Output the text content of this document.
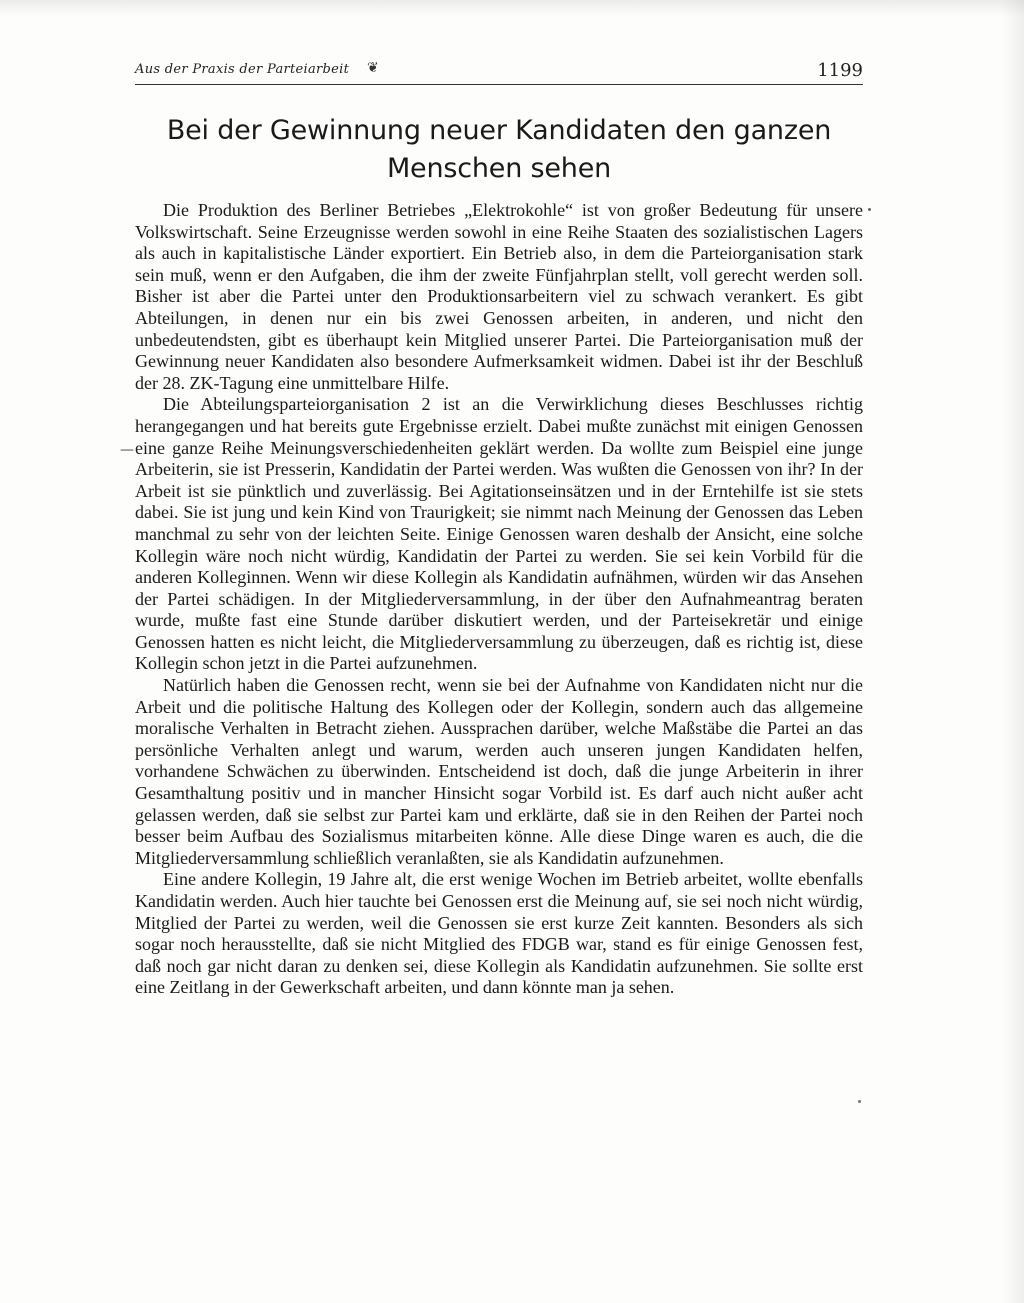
Aus der Praxis der Parteiarbeit ❦	1199
Bei der Gewinnung neuer Kandidaten den ganzen Menschen sehen
—

Die Produktion des Berliner Betriebes „Elektrokohle“ ist von großer Bedeutung für unsere Volkswirtschaft. Seine Erzeugnisse werden sowohl in eine Reihe Staaten des sozialistischen Lagers als auch in kapitalistische Länder exportiert. Ein Betrieb also, in dem die Parteiorganisation stark sein muß, wenn er den Aufgaben, die ihm der zweite Fünfjahrplan stellt, voll gerecht werden soll. Bisher ist aber die Partei unter den Produktionsarbeitern viel zu schwach verankert. Es gibt Abteilungen, in denen nur ein bis zwei Genossen arbeiten, in anderen, und nicht den unbedeutendsten, gibt es überhaupt kein Mitglied unserer Partei. Die Parteiorganisation muß der Gewinnung neuer Kandidaten also besondere Aufmerksamkeit widmen. Dabei ist ihr der Beschluß der 28. ZK-Tagung eine unmittelbare Hilfe.

Die Abteilungsparteiorganisation 2 ist an die Verwirklichung dieses Beschlusses richtig herangegangen und hat bereits gute Ergebnisse erzielt. Dabei mußte zunächst mit einigen Genossen eine ganze Reihe Meinungsverschiedenheiten geklärt werden. Da wollte zum Beispiel eine junge Arbeiterin, sie ist Presserin, Kandidatin der Partei werden. Was wußten die Genossen von ihr? In der Arbeit ist sie pünktlich und zuverlässig. Bei Agitationseinsätzen und in der Erntehilfe ist sie stets dabei. Sie ist jung und kein Kind von Traurigkeit; sie nimmt nach Meinung der Genossen das Leben manchmal zu sehr von der leichten Seite. Einige Genossen waren deshalb der Ansicht, eine solche Kollegin wäre noch nicht würdig, Kandidatin der Partei zu werden. Sie sei kein Vorbild für die anderen Kolleginnen. Wenn wir diese Kollegin als Kandidatin aufnähmen, würden wir das Ansehen der Partei schädigen. In der Mitgliederversammlung, in der über den Aufnahmeantrag beraten wurde, mußte fast eine Stunde darüber diskutiert werden, und der Parteisekretär und einige Genossen hatten es nicht leicht, die Mitgliederversammlung zu überzeugen, daß es richtig ist, diese Kollegin schon jetzt in die Partei aufzunehmen.

Natürlich haben die Genossen recht, wenn sie bei der Aufnahme von Kandidaten nicht nur die Arbeit und die politische Haltung des Kollegen oder der Kollegin, sondern auch das allgemeine moralische Verhalten in Betracht ziehen. Aussprachen darüber, welche Maßstäbe die Partei an das persönliche Verhalten anlegt und warum, werden auch unseren jungen Kandidaten helfen, vorhandene Schwächen zu überwinden. Entscheidend ist doch, daß die junge Arbeiterin in ihrer Gesamthaltung positiv und in mancher Hinsicht sogar Vorbild ist. Es darf auch nicht außer acht gelassen werden, daß sie selbst zur Partei kam und erklärte, daß sie in den Reihen der Partei noch besser beim Aufbau des Sozialismus mitarbeiten könne. Alle diese Dinge waren es auch, die die Mitgliederversammlung schließlich veranlaßten, sie als Kandidatin aufzunehmen.

Eine andere Kollegin, 19 Jahre alt, die erst wenige Wochen im Betrieb arbeitet, wollte ebenfalls Kandidatin werden. Auch hier tauchte bei Genossen erst die Meinung auf, sie sei noch nicht würdig, Mitglied der Partei zu werden, weil die Genossen sie erst kurze Zeit kannten. Besonders als sich sogar noch herausstellte, daß sie nicht Mitglied des FDGB war, stand es für einige Genossen fest, daß noch gar nicht daran zu denken sei, diese Kollegin als Kandidatin aufzunehmen. Sie sollte erst eine Zeitlang in der Gewerkschaft arbeiten, und dann könnte man ja sehen.
